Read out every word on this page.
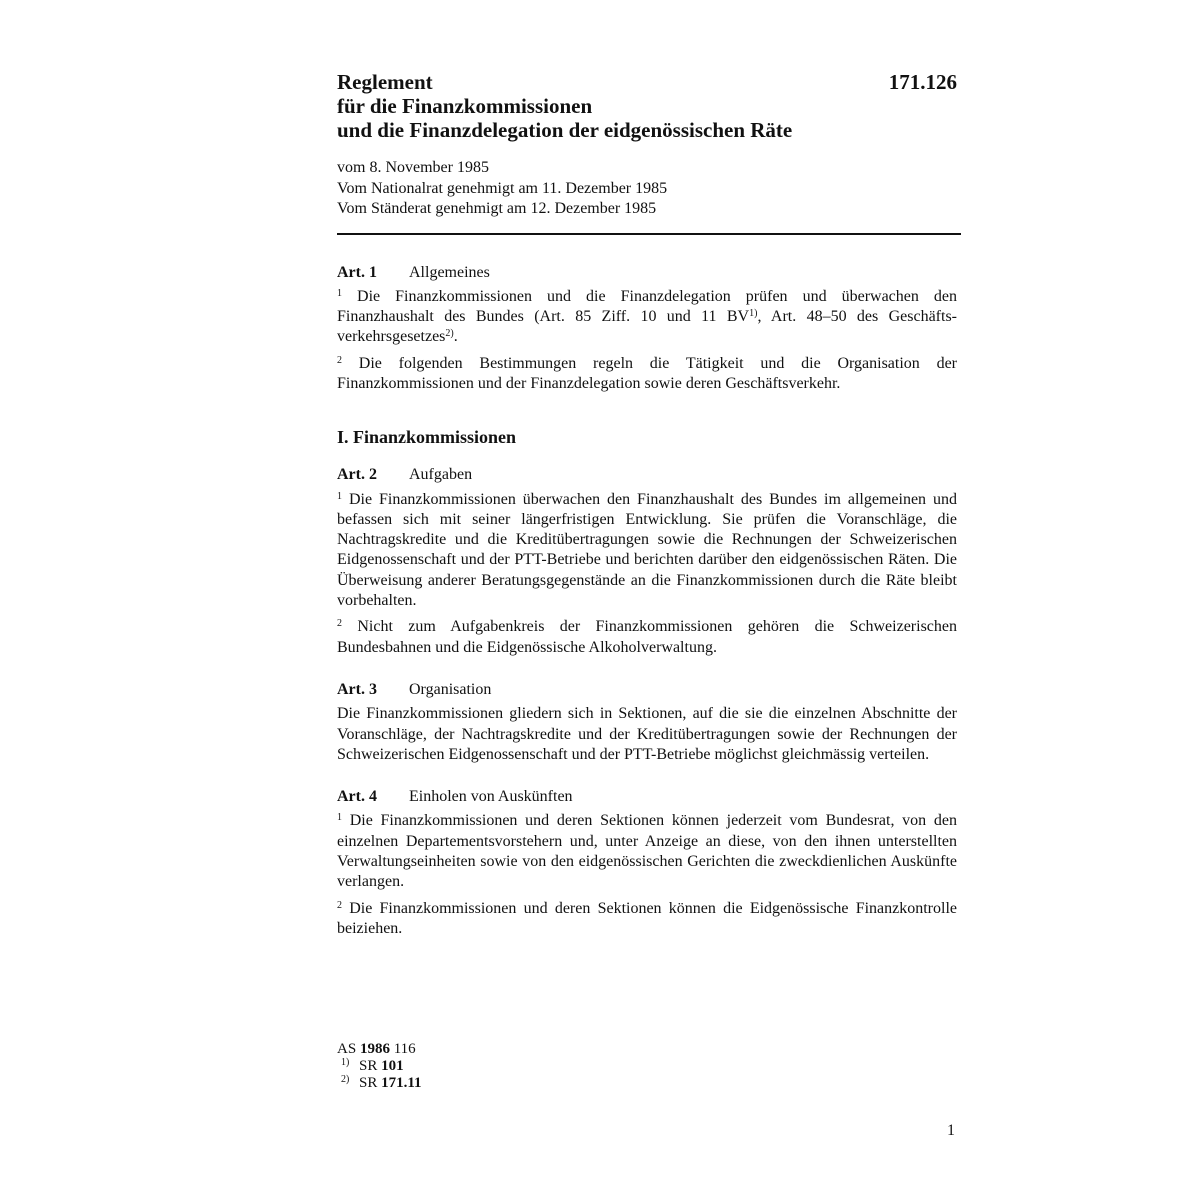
Reglement
für die Finanzkommissionen
und die Finanzdelegation der eidgenössischen Räte
171.126
vom 8. November 1985
Vom Nationalrat genehmigt am 11. Dezember 1985
Vom Ständerat genehmigt am 12. Dezember 1985
Art. 1 Allgemeines

$^1$ Die Finanzkommissionen und die Finanzdelegation prüfen und überwachen den Finanzhaushalt des Bundes (Art. 85 Ziff. 10 und 11 BV$^{1)}$, Art. 48–50 des Geschäfts-verkehrsgesetzes$^{2)}$.

$^2$ Die folgenden Bestimmungen regeln die Tätigkeit und die Organisation der Finanzkommissionen und der Finanzdelegation sowie deren Geschäftsverkehr.

I. Finanzkommissionen
Art. 2 Aufgaben

$^1$ Die Finanzkommissionen überwachen den Finanzhaushalt des Bundes im allgemeinen und befassen sich mit seiner längerfristigen Entwicklung. Sie prüfen die Voranschläge, die Nachtragskredite und die Kreditübertragungen sowie die Rechnungen der Schweizerischen Eidgenossenschaft und der PTT-Betriebe und berichten darüber den eidgenössischen Räten. Die Überweisung anderer Beratungsgegenstände an die Finanzkommissionen durch die Räte bleibt vorbehalten.

$^2$ Nicht zum Aufgabenkreis der Finanzkommissionen gehören die Schweizerischen Bundesbahnen und die Eidgenössische Alkoholverwaltung.

Art. 3 Organisation

Die Finanzkommissionen gliedern sich in Sektionen, auf die sie die einzelnen Abschnitte der Voranschläge, der Nachtragskredite und der Kreditübertragungen sowie der Rechnungen der Schweizerischen Eidgenossenschaft und der PTT-Betriebe möglichst gleichmässig verteilen.

Art. 4 Einholen von Auskünften

$^1$ Die Finanzkommissionen und deren Sektionen können jederzeit vom Bundesrat, von den einzelnen Departementsvorstehern und, unter Anzeige an diese, von den ihnen unterstellten Verwaltungseinheiten sowie von den eidgenössischen Gerichten die zweckdienlichen Auskünfte verlangen.

$^2$ Die Finanzkommissionen und deren Sektionen können die Eidgenössische Finanzkontrolle beiziehen.

AS 1986 116
1) SR 101
2) SR 171.11
1
